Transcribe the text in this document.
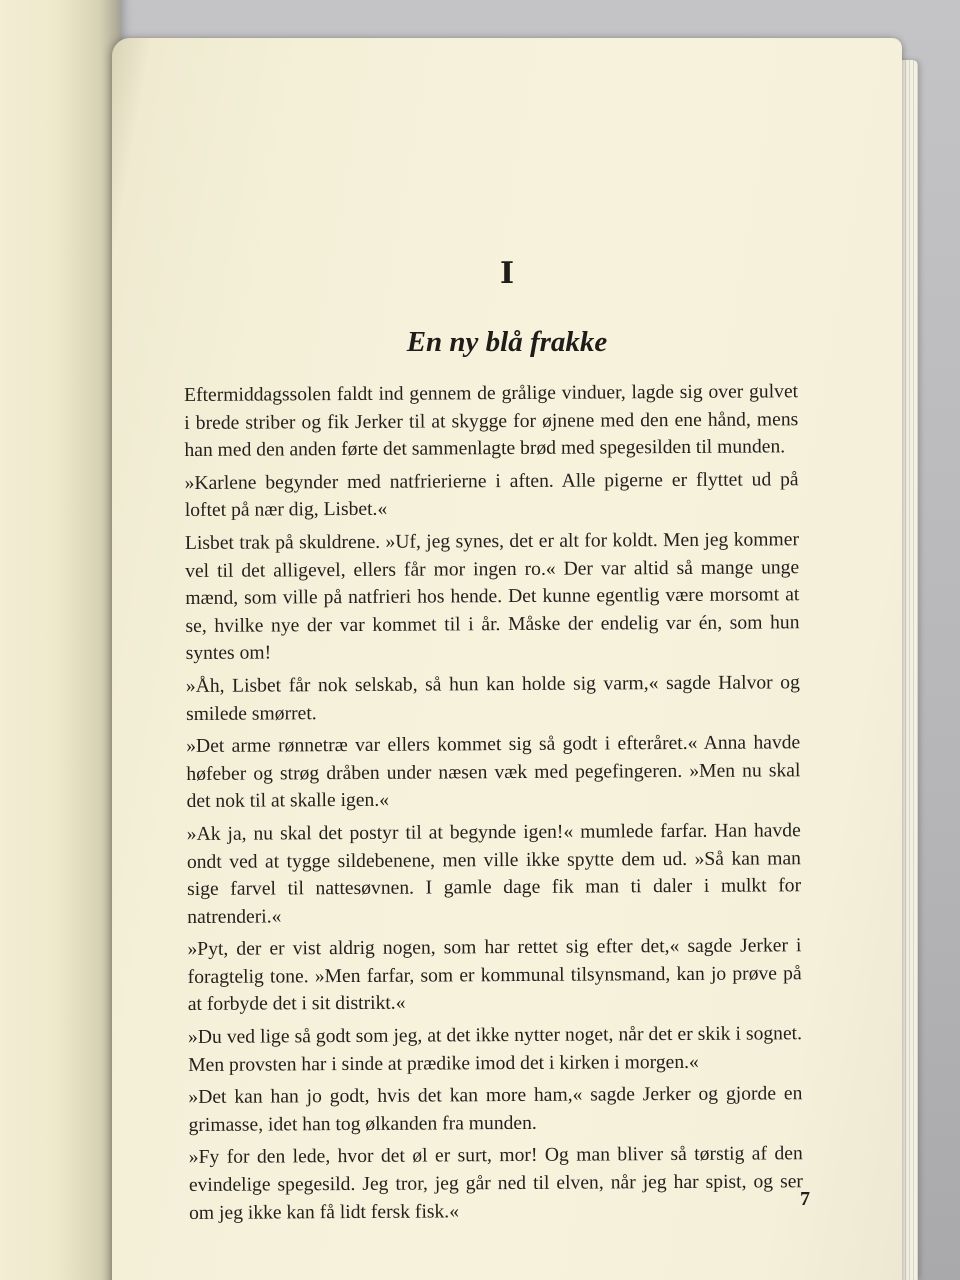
I
En ny blå frakke

Eftermiddagssolen faldt ind gennem de grålige vinduer, lagde sig over gulvet i brede striber og fik Jerker til at skygge for øjnene med den ene hånd, mens han med den anden førte det sammenlagte brød med spegesilden til munden.

»Karlene begynder med natfrierierne i aften. Alle pigerne er flyttet ud på loftet på nær dig, Lisbet.«

Lisbet trak på skuldrene. »Uf, jeg synes, det er alt for koldt. Men jeg kommer vel til det alligevel, ellers får mor ingen ro.« Der var altid så mange unge mænd, som ville på natfrieri hos hende. Det kunne egentlig være morsomt at se, hvilke nye der var kommet til i år. Måske der endelig var én, som hun syntes om!

»Åh, Lisbet får nok selskab, så hun kan holde sig varm,« sagde Halvor og smilede smørret.

»Det arme rønnetræ var ellers kommet sig så godt i efteråret.« Anna havde høfeber og strøg dråben under næsen væk med pegefingeren. »Men nu skal det nok til at skalle igen.«

»Ak ja, nu skal det postyr til at begynde igen!« mumlede farfar. Han havde ondt ved at tygge sildebenene, men ville ikke spytte dem ud. »Så kan man sige farvel til nattesøvnen. I gamle dage fik man ti daler i mulkt for natrenderi.«

»Pyt, der er vist aldrig nogen, som har rettet sig efter det,« sagde Jerker i foragtelig tone. »Men farfar, som er kommunal tilsynsmand, kan jo prøve på at forbyde det i sit distrikt.«

»Du ved lige så godt som jeg, at det ikke nytter noget, når det er skik i sognet. Men provsten har i sinde at prædike imod det i kirken i morgen.«

»Det kan han jo godt, hvis det kan more ham,« sagde Jerker og gjorde en grimasse, idet han tog ølkanden fra munden.

»Fy for den lede, hvor det øl er surt, mor! Og man bliver så tørstig af den evindelige spegesild. Jeg tror, jeg går ned til elven, når jeg har spist, og ser om jeg ikke kan få lidt fersk fisk.«

7
